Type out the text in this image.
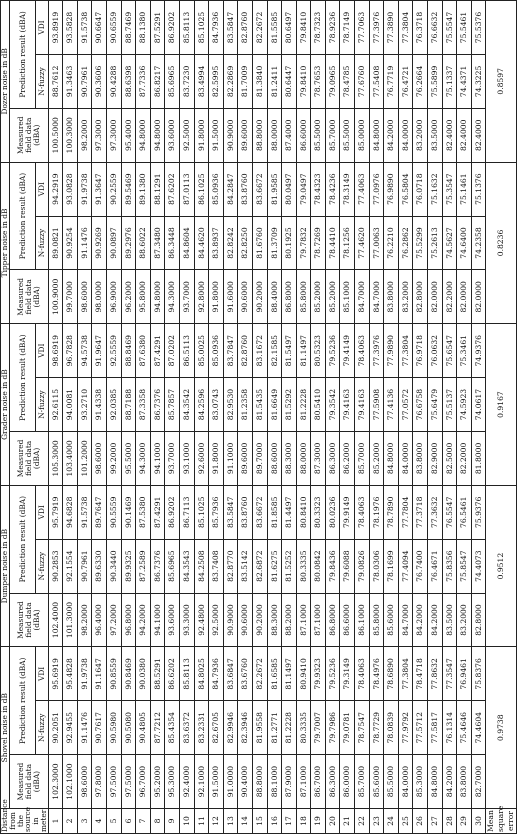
Distance from the source in meter	Shovel noise in dB			Dumper noise in dB			Grader noise in dB			Tipper noise in dB			Dozer noise in dB		
	Measured field data (dBA)	Prediction result (dBA)		Measured field data (dBA)	Prediction result (dBA)		Measured field data (dBA)	Prediction result (dBA)		Measured field data (dBA)	Prediction result (dBA)		Measured field data (dBA)	Prediction result (dBA)	
		N-fuzzy	VDI		N-fuzzy	VDI		N-fuzzy	VDI		N-fuzzy	VDI		N-fuzzy	VDI
1	102.3000	90.2051	95.6919	102.4000	90.2853	95.7919	105.3000	92.6115	98.6919	100.9000	89.0821	94.2919	100.5000	88.7612	93.8919
2	102.1000	92.9455	95.4828	101.3000	92.1554	94.6828	103.4000	94.0081	96.7828	99.7000	90.9254	93.0828	100.3000	91.3463	93.5828
3	98.6000	91.1476	91.9738	98.2000	90.7961	91.5738	101.2000	93.2710	94.5738	98.6000	91.1476	91.9738	98.2000	90.7961	91.5738
4	97.8000	90.7617	91.1647	96.4000	89.6330	89.7647	98.6000	91.4338	91.9647	98.0000	90.9269	91.3647	97.3000	90.3606	90.6647
5	97.5000	90.5980	90.8559	97.2000	90.3440	90.5559	99.2000	92.0385	92.5559	96.9000	90.0897	90.2559	97.3000	90.4288	90.6559
6	97.5000	90.5080	90.8469	96.8000	89.9325	90.1469	95.5000	88.7188	88.8469	96.2000	89.2976	89.5469	95.4000	88.6398	88.7469
7	96.7000	90.4805	90.0380	94.2000	87.2589	87.5380	94.3000	87.3358	87.6380	95.8000	88.6022	89.1380	94.8000	87.7336	88.1380
8	95.2000	87.7212	88.5291	94.1000	86.7376	87.4291	94.1000	86.7376	87.4291	94.8000	87.3480	88.1291	94.8000	86.8217	87.5291
9	95.3000	85.4354	86.6202	93.6000	85.6965	86.9202	93.7000	85.7857	87.0202	94.3000	86.3448	87.6202	93.6000	85.6965	86.9202
10	92.4000	83.6372	85.8113	93.3000	84.3543	86.7113	93.1000	84.3542	86.5113	93.7000	84.8604	87.0113	92.5000	83.7230	85.8113
11	92.1000	83.2331	84.8025	92.4800	84.2508	85.1025	92.6000	84.2596	85.0025	92.8000	84.4620	86.1025	91.8000	83.4994	85.1025
12	91.5000	82.6705	84.7936	92.5000	83.7408	85.7936	91.8000	83.0743	85.0936	91.8000	83.8937	85.0936	91.5000	82.5995	84.7936
13	91.0000	82.9946	83.6847	90.9000	82.8770	83.5847	91.1000	82.9530	83.7847	91.6000	82.8242	84.2847	90.9000	82.2869	83.5847
14	90.4000	82.3946	83.6760	90.6000	83.5142	83.8760	89.6000	81.2358	82.8760	90.6000	82.8250	83.8760	89.6000	81.7009	82.8760
15	88.8000	81.9558	82.2672	90.2000	82.6872	83.6672	89.7000	81.5435	83.1672	90.2000	81.6760	83.6672	88.8000	81.3840	82.2672
16	88.1000	81.2771	81.6585	88.3000	81.6275	81.8585	88.6000	81.6649	82.1585	88.4000	81.3709	81.9585	88.0000	81.2411	81.5585
17	87.9000	81.2228	81.1497	88.2000	81.5252	81.4497	88.3000	81.5292	81.5497	86.8000	80.1925	80.0497	87.4000	80.6447	80.6497
18	87.1000	80.3335	80.9410	87.1000	80.3335	80.8410	88.0000	81.2228	81.1497	85.8000	79.7832	79.0497	86.6000	79.8410	79.8410
19	86.7000	79.7007	79.9323	87.1000	80.0842	80.3323	87.3000	80.5410	80.5323	85.2000	78.7269	78.4323	85.5000	78.7653	78.7323
20	86.3000	79.7986	79.5236	86.8000	79.8436	80.0236	86.3000	79.3542	79.5236	85.2000	78.4410	78.4236	85.7000	79.0965	78.9236
21	86.0000	79.0781	79.3149	86.6000	79.6088	79.9149	86.2000	79.4163	79.4149	85.1000	78.1256	78.3149	85.5000	78.4785	78.7149
22	85.7000	78.7547	78.4063	86.1000	79.0826	78.4063	85.7000	79.4163	78.4063	84.7000	77.4620	77.4063	85.0000	77.6760	77.7063
23	85.6000	78.7729	78.4976	85.8000	78.0306	78.1976	85.2000	77.5908	77.3976	84.7000	77.0063	77.0976	84.8000	77.5408	77.3976
24	85.5000	78.0839	78.6890	85.6000	78.1699	78.7890	84.8000	77.4136	77.9890	83.8000	76.2210	76.9890	84.2000	76.7719	77.3890
25	84.0000	77.9792	77.3804	84.7000	77.4094	77.7804	84.0000	77.0572	77.3804	83.2000	76.2862	76.5804	84.0000	76.4721	77.3804
26	85.3000	77.5712	78.4718	84.2000	76.7400	77.3718	83.8000	76.6758	76.9718	82.8000	75.5299	76.0718	83.2000	76.2664	76.3718
27	84.8000	77.5817	77.8632	84.2000	76.4671	77.3632	82.9000	75.6479	76.0632	82.0000	75.2613	75.1632	83.5000	75.5899	76.6632
28	84.2000	76.1314	77.3547	83.5000	75.8356	76.5547	82.5000	75.5137	75.6547	82.2000	74.5627	75.3547	82.4000	75.1337	75.5547
29	83.8000	75.4646	76.9461	83.2000	75.8547	76.5461	82.2000	74.5923	75.3461	82.0000	74.6400	75.1461	82.4000	74.4371	75.5461
30	82.7000	74.4604	75.8376	82.8000	74.4073	75.9376	81.8000	74.0617	74.9376	82.0000	74.2358	75.1376	82.4000	74.3225	75.5376
Mean square error	0.9738			0.9512			0.9167			0.8236			0.8597		
